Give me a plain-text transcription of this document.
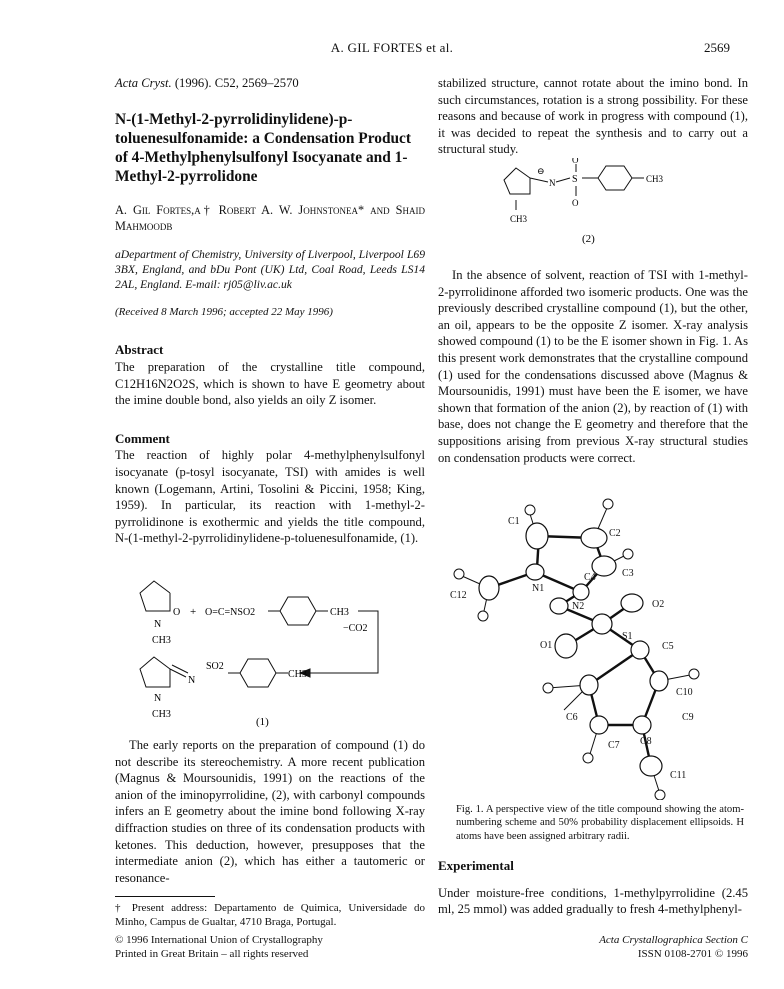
A. GIL FORTES et al.	2569

Acta Cryst. (1996). C52, 2569–2570

N-(1-Methyl-2-pyrrolidinylidene)-p-toluenesulfonamide: a Condensation Product of 4-Methylphenylsulfonyl Isocyanate and 1-Methyl-2-pyrrolidone

A. Gil Fortes,a† Robert A. W. Johnstonea* and Shaid Mahmoodb

aDepartment of Chemistry, University of Liverpool, Liverpool L69 3BX, England, and bDu Pont (UK) Ltd, Coal Road, Leeds LS14 2AL, England. E-mail: rj05@liv.ac.uk

(Received 8 March 1996; accepted 22 May 1996)

Abstract

The preparation of the crystalline title compound, C12H16N2O2S, which is shown to have E geometry about the imine double bond, also yields an oily Z isomer.

Comment

The reaction of highly polar 4-methylphenylsulfonyl isocyanate (p-tosyl isocyanate, TSI) with amides is well known (Logemann, Artini, Tosolini & Piccini, 1958; King, 1959). In particular, its reaction with 1-methyl-2-pyrrolidinone is exothermic and yields the title compound, N-(1-methyl-2-pyrrolidinylidene-p-toluenesulfonamide, (1).

O
N
CH3
+ O=C=NSO2	CH3
−CO2
N
SO2
CH3
N
CH3
(1)

The early reports on the preparation of compound (1) do not describe its stereochemistry. A more recent publication (Magnus & Moursounidis, 1991) on the reactions of the anion of the iminopyrrolidine, (2), with carbonyl compounds infers an E geometry about the imine bond following X-ray diffraction studies on three of its condensation products with ketones. This deduction, however, presupposes that the intermediate anion (2), which has either a tautomeric or resonance-

† Present address: Departamento de Quimica, Universidade do Minho, Campus de Gualtar, 4710 Braga, Portugal.

© 1996 International Union of Crystallography

Printed in Great Britain – all rights reserved

stabilized structure, cannot rotate about the imino bond. In such circumstances, rotation is a strong possibility. For these reasons and because of work in progress with compound (1), it was decided to repeat the synthesis and to carry out a structural study.

⊖
N S
O
O
CH3
CH3
(2)

In the absence of solvent, reaction of TSI with 1-methyl-2-pyrrolidinone afforded two isomeric products. One was the previously described crystalline compound (1), but the other, an oil, appears to be the opposite Z isomer. X-ray analysis showed compound (1) to be the E isomer shown in Fig. 1. As this present work demonstrates that the crystalline compound (1) used for the condensations discussed above (Magnus & Moursounidis, 1991) must have been the E isomer, we have shown that formation of the anion (2), by reaction of (1) with base, does not change the E geometry and therefore that the suppositions arising from previous X-ray structural studies on condensation products were correct.

C1
C2
C3
C4
C12
N1
N2	O2
S1
O1	C5
C10
C6	C9
C7 C8
C11
Fig. 1. A perspective view of the title compound showing the atom-numbering scheme and 50% probability displacement ellipsoids. H atoms have been assigned arbitrary radii.

Experimental

Under moisture-free conditions, 1-methylpyrrolidine (2.45 ml, 25 mmol) was added gradually to fresh 4-methylphenyl-

Acta Crystallographica Section C

ISSN 0108-2701 © 1996
